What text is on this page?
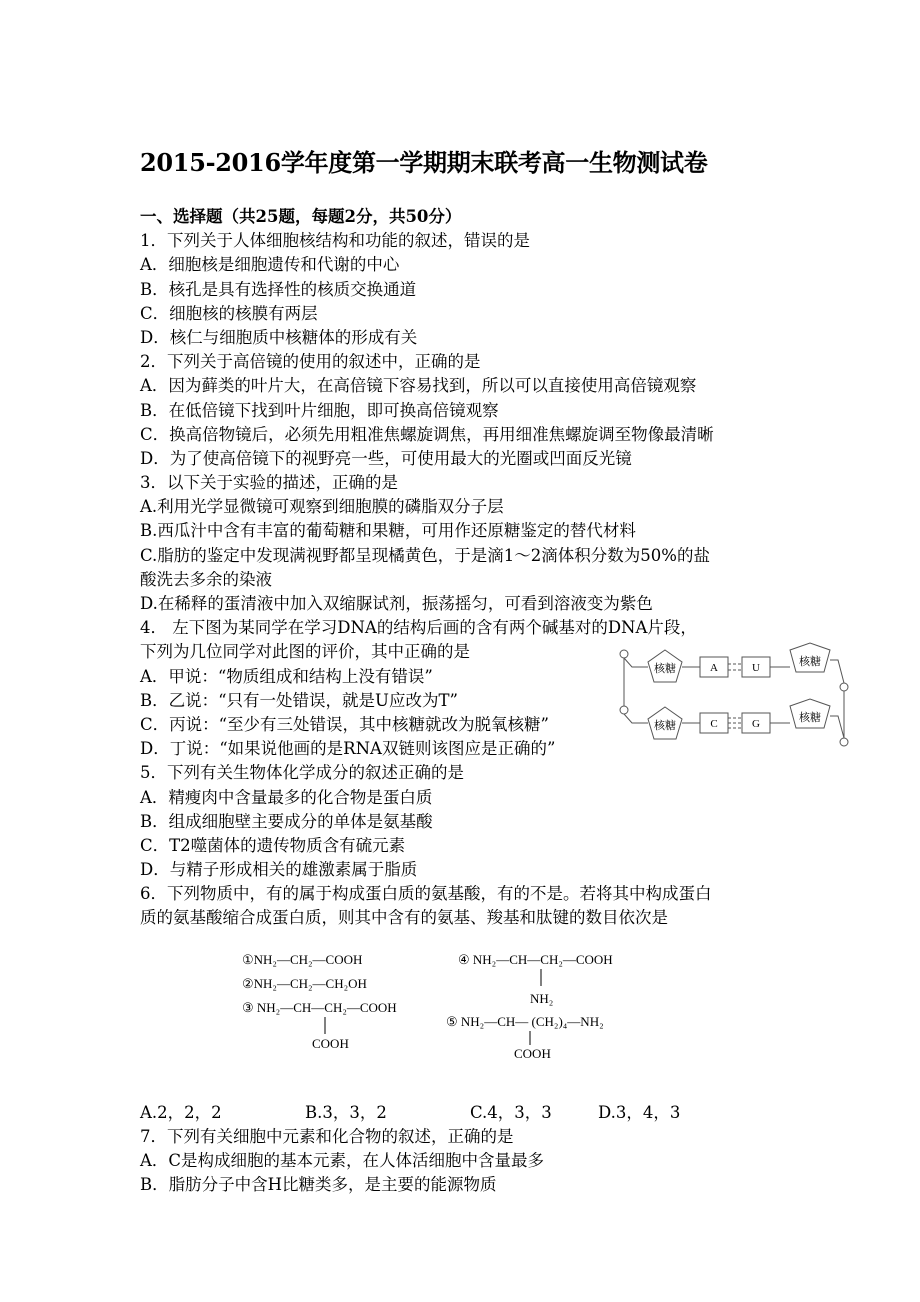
2015-2016学年度第一学期期末联考高一生物测试卷
一、选择题（共25题，每题2分，共50分）
1．下列关于人体细胞核结构和功能的叙述，错误的是
A．细胞核是细胞遗传和代谢的中心
B．核孔是具有选择性的核质交换通道
C．细胞核的核膜有两层
D．核仁与细胞质中核糖体的形成有关
2．下列关于高倍镜的使用的叙述中，正确的是
A．因为藓类的叶片大，在高倍镜下容易找到，所以可以直接使用高倍镜观察
B．在低倍镜下找到叶片细胞，即可换高倍镜观察
C．换高倍物镜后，必须先用粗准焦螺旋调焦，再用细准焦螺旋调至物像最清晰
D．为了使高倍镜下的视野亮一些，可使用最大的光圈或凹面反光镜
3．以下关于实验的描述，正确的是
A.利用光学显微镜可观察到细胞膜的磷脂双分子层
B.西瓜汁中含有丰富的葡萄糖和果糖，可用作还原糖鉴定的替代材料
C.脂肪的鉴定中发现满视野都呈现橘黄色，于是滴1～2滴体积分数为50%的盐
酸洗去多余的染液
D.在稀释的蛋清液中加入双缩脲试剂，振荡摇匀，可看到溶液变为紫色
4． 左下图为某同学在学习DNA的结构后画的含有两个碱基对的DNA片段，
下列为几位同学对此图的评价，其中正确的是
A．甲说：“物质组成和结构上没有错误”
B．乙说：“只有一处错误，就是U应改为T”
C．丙说：“至少有三处错误，其中核糖就改为脱氧核糖”
D．丁说：“如果说他画的是RNA双链则该图应是正确的”
5．下列有关生物体化学成分的叙述正确的是
A．精瘦肉中含量最多的化合物是蛋白质
B．组成细胞壁主要成分的单体是氨基酸
C．T2噬菌体的遗传物质含有硫元素
D．与精子形成相关的雄激素属于脂质
6．下列物质中，有的属于构成蛋白质的氨基酸，有的不是。若将其中构成蛋白
质的氨基酸缩合成蛋白质，则其中含有的氨基、羧基和肽键的数目依次是
A.2，2，2	B.3，3，2	C.4，3，3	D.3，4，3
7．下列有关细胞中元素和化合物的叙述，正确的是
A．C是构成细胞的基本元素，在人体活细胞中含量最多
B．脂肪分子中含H比糖类多，是主要的能源物质
核糖
核糖
核糖
核糖
A	U
C	G
①NH₂—CH₂—COOH
②NH₂—CH₂—CH₂OH
③ NH₂—CH—CH₂—COOH
COOH
④ NH₂—CH—CH₂—COOH
NH₂
⑤ NH₂—CH— (CH₂)₄—NH₂
COOH
